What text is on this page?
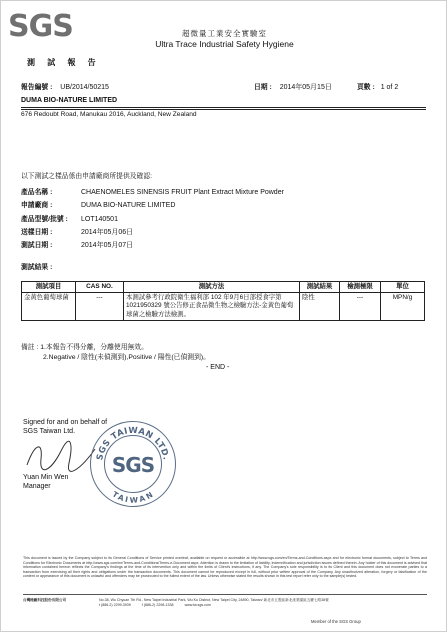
SGS	超微量工業安全實驗室
Ultra Trace Industrial Safety Hygiene
測 試 報 告
報告編號 : UB/2014/50215	日期 : 2014年05月15日	頁數 : 1 of 2
DUMA BIO-NATURE LIMITED
676 Redoubt Road, Manukau 2016, Auckland, New Zealand
以下測試之樣品係由申請廠商所提供及確認:
產品名稱 :	CHAENOMELES SINENSIS FRUIT Plant Extract Mixture Powder
申請廠商 :	DUMA BIO-NATURE LIMITED
產品型號/批號 : LOT140501
送樣日期 :	2014年05月06日
測試日期 :	2014年05月07日
測試結果 :
測試項目	CAS NO.	測試方法	測試結果	檢測極限	單位
金黃色葡萄球菌	---	本測試參考行政院衛生福利部 102 年9月6日部授食字第1021950329 號公告修正食品微生物之檢驗方法-金黃色葡萄球菌之檢驗方法檢測。	陰性	---	MPN/g
備註 : 1.本報告不得分離，分離使用無效。
2.Negative / 陰性(未偵測到),Positive / 陽性(已偵測到)。
- END -
Signed for and on behalf of
SGS Taiwan Ltd.
Yuan Min Wen
Manager
SGS TAIWAN LTD.
TAIWAN
SGS
This document is issued by the Company subject to its General Conditions of Service printed overleaf, available on request or accessible at http://www.sgs.com/en/Terms-and-Conditions.aspx and for electronic format documents, subject to Terms and Conditions for Electronic Documents at http://www.sgs.com/en/Terms-and-Conditions/Terms-e-Document.aspx. Attention is drawn to the limitation of liability, indemnification and jurisdiction issues defined therein. Any holder of this document is advised that information contained hereon reflects the Company's findings at the time of its intervention only and within the limits of Client's instructions, if any. The Company's sole responsibility is to its Client and this document does not exonerate parties to a transaction from exercising all their rights and obligations under the transaction documents. This document cannot be reproduced except in full, without prior written approval of the Company. Any unauthorized alteration, forgery or falsification of the content or appearance of this document is unlawful and offenders may be prosecuted to the fullest extent of the law. Unless otherwise stated the results shown in this test report refer only to the sample(s) tested.
台灣檢驗科技股份有限公司	No.38, Wu Chyuan 7th Rd., New Taipei Industrial Park, Wu Ku District, New Taipei City, 24890, Taiwan/ 新北市五股區新北產業園區五權七路38號
t (886-2) 2299-3939	f (886-2) 2298-1338	www.tw.sgs.com
Member of the SGS Group
